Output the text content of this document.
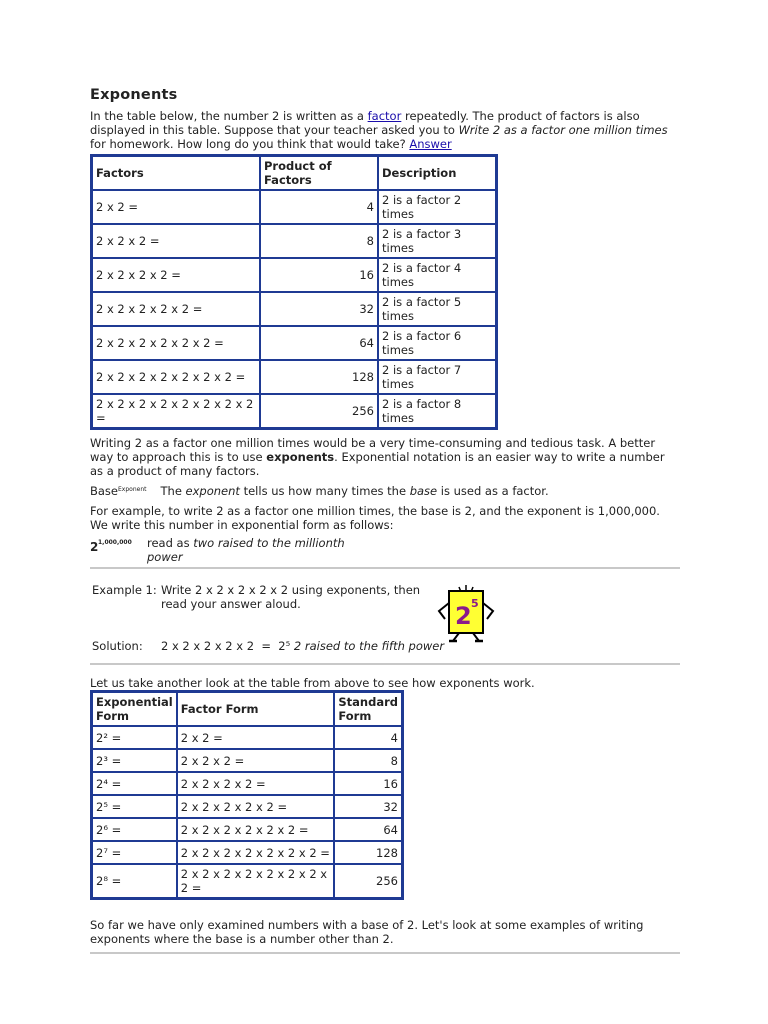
Exponents

In the table below, the number 2 is written as a factor repeatedly. The product of factors is also displayed in this table. Suppose that your teacher asked you to Write 2 as a factor one million times for homework. How long do you think that would take? Answer

Factors	Product of Factors	Description
2 x 2 =	4	2 is a factor 2 times
2 x 2 x 2 =	8	2 is a factor 3 times
2 x 2 x 2 x 2 =	16	2 is a factor 4 times
2 x 2 x 2 x 2 x 2 =	32	2 is a factor 5 times
2 x 2 x 2 x 2 x 2 x 2 =	64	2 is a factor 6 times
2 x 2 x 2 x 2 x 2 x 2 x 2 =	128	2 is a factor 7 times
2 x 2 x 2 x 2 x 2 x 2 x 2 x 2 =	256	2 is a factor 8 times

Writing 2 as a factor one million times would be a very time-consuming and tedious task. A better way to approach this is to use exponents. Exponential notation is an easier way to write a number as a product of many factors.

Base$^{Exponent}$ The exponent tells us how many times the base is used as a factor.

For example, to write 2 as a factor one million times, the base is 2, and the exponent is 1,000,000. We write this number in exponential form as follows:

2 1,000,000 read as two raised to the millionth power
Example 1: Write 2 x 2 x 2 x 2 x 2 using exponents, then read your answer aloud.
Solution: 2 x 2 x 2 x 2 x 2  =  2⁵ 2 raised to the fifth power
2 5

Let us take another look at the table from above to see how exponents work.

Exponential Form	Factor Form	Standard Form
2² =	2 x 2 =	4
2³ =	2 x 2 x 2 =	8
2⁴ =	2 x 2 x 2 x 2 =	16
2⁵ =	2 x 2 x 2 x 2 x 2 =	32
2⁶ =	2 x 2 x 2 x 2 x 2 x 2 =	64
2⁷ =	2 x 2 x 2 x 2 x 2 x 2 x 2 =	128
2⁸ =	2 x 2 x 2 x 2 x 2 x 2 x 2 x 2 =	256

So far we have only examined numbers with a base of 2. Let's look at some examples of writing exponents where the base is a number other than 2.
